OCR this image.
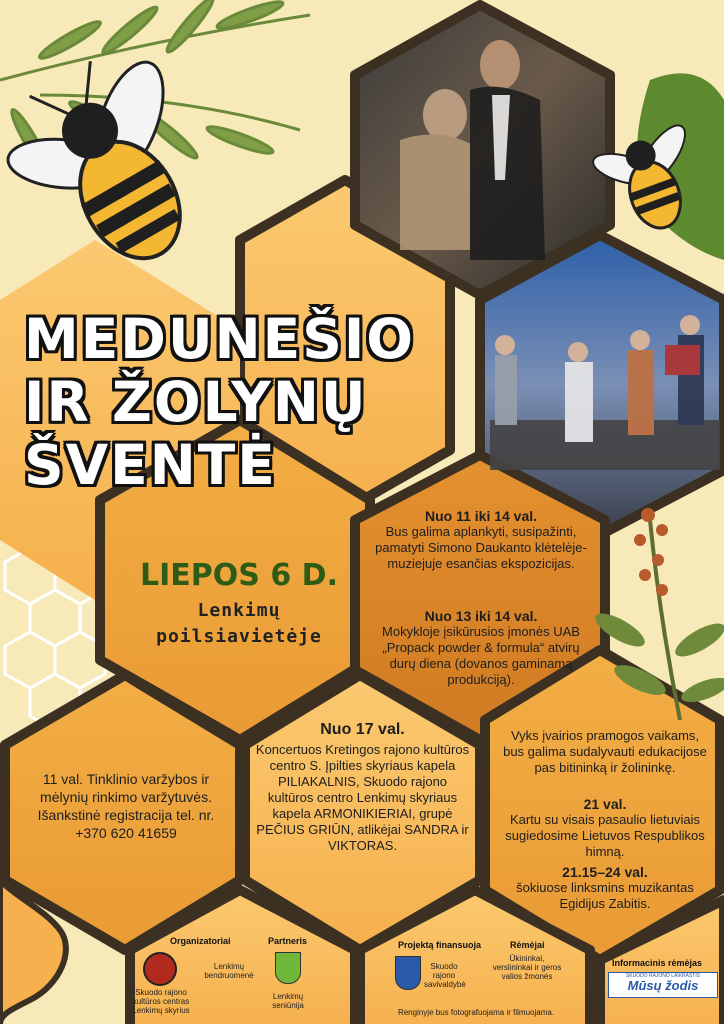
MEDUNEŠIO
IR ŽOLYNŲ
ŠVENTĖ
LIEPOS 6 D.
Lenkimų
poilsiavietėje
Nuo 11 iki 14 val.
Bus galima aplankyti, susipažinti, pamatyti Simono Daukanto klėtelėje-muziejuje esančias ekspozicijas.
Nuo 13 iki 14 val.
Mokykloje įsikūrusios įmonės UAB „Propack powder & formula“ atvirų durų diena (dovanos gaminamą produkciją).
11 val. Tinklinio varžybos ir mėlynių rinkimo varžytuvės. Išankstinė registracija tel. nr. +370 620 41659
Nuo 17 val.
Koncertuos Kretingos rajono kultūros centro S. Įpilties skyriaus kapela PILIAKALNIS, Skuodo rajono kultūros centro Lenkimų skyriaus kapela ARMONIKIERIAI, grupė PEČIUS GRIŪN, atlikėjai SANDRA ir VIKTORAS.
Vyks įvairios pramogos vaikams, bus galima sudalyvauti edukacijose pas bitininką ir žolininkę.
21 val.
Kartu su visais pasaulio lietuviais sugiedosime Lietuvos Respublikos himną.
21.15–24 val.
šokiuose linksmins muzikantas Egidijus Zabitis.
Organizatoriai
Skuodo rajono kultūros centras Lenkimų skyrius
Lenkimų bendruomenė
Partneris
Lenkimų seniūnija
Projektą finansuoja
Skuodo rajono savivaldybė
Rėmėjai
Ūkininkai, verslininkai ir geros valios žmonės
Renginyje bus fotografuojama ir filmuojama.
Informacinis rėmėjas
SKUODO RAJONO LAIKRAŠTIS
Mūsų žodis
